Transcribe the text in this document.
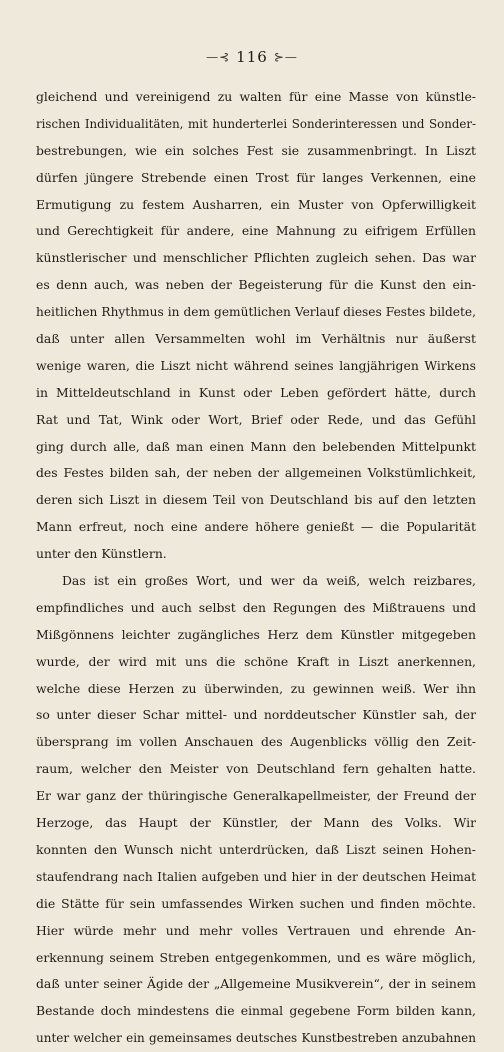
—⊰ 116 ⊱—
gleichend und vereinigend zu walten für eine Masse von künstle-
rischen Individualitäten, mit hunderterlei Sonderinteressen und Sonder-
bestrebungen, wie ein solches Fest sie zusammenbringt. In Liszt
dürfen jüngere Strebende einen Trost für langes Verkennen, eine
Ermutigung zu festem Ausharren, ein Muster von Opferwilligkeit
und Gerechtigkeit für andere, eine Mahnung zu eifrigem Erfüllen
künstlerischer und menschlicher Pflichten zugleich sehen. Das war
es denn auch, was neben der Begeisterung für die Kunst den ein-
heitlichen Rhythmus in dem gemütlichen Verlauf dieses Festes bildete,
daß unter allen Versammelten wohl im Verhältnis nur äußerst
wenige waren, die Liszt nicht während seines langjährigen Wirkens
in Mitteldeutschland in Kunst oder Leben gefördert hätte, durch
Rat und Tat, Wink oder Wort, Brief oder Rede, und das Gefühl
ging durch alle, daß man einen Mann den belebenden Mittelpunkt
des Festes bilden sah, der neben der allgemeinen Volkstümlichkeit,
deren sich Liszt in diesem Teil von Deutschland bis auf den letzten
Mann erfreut, noch eine andere höhere genießt — die Popularität
unter den Künstlern.
Das ist ein großes Wort, und wer da weiß, welch reizbares,
empfindliches und auch selbst den Regungen des Mißtrauens und
Mißgönnens leichter zugängliches Herz dem Künstler mitgegeben
wurde, der wird mit uns die schöne Kraft in Liszt anerkennen,
welche diese Herzen zu überwinden, zu gewinnen weiß. Wer ihn
so unter dieser Schar mittel- und norddeutscher Künstler sah, der
übersprang im vollen Anschauen des Augenblicks völlig den Zeit-
raum, welcher den Meister von Deutschland fern gehalten hatte.
Er war ganz der thüringische Generalkapellmeister, der Freund der
Herzoge, das Haupt der Künstler, der Mann des Volks. Wir
konnten den Wunsch nicht unterdrücken, daß Liszt seinen Hohen-
staufendrang nach Italien aufgeben und hier in der deutschen Heimat
die Stätte für sein umfassendes Wirken suchen und finden möchte.
Hier würde mehr und mehr volles Vertrauen und ehrende An-
erkennung seinem Streben entgegenkommen, und es wäre möglich,
daß unter seiner Ägide der „Allgemeine Musikverein“, der in seinem
Bestande doch mindestens die einmal gegebene Form bilden kann,
unter welcher ein gemeinsames deutsches Kunstbestreben anzubahnen
